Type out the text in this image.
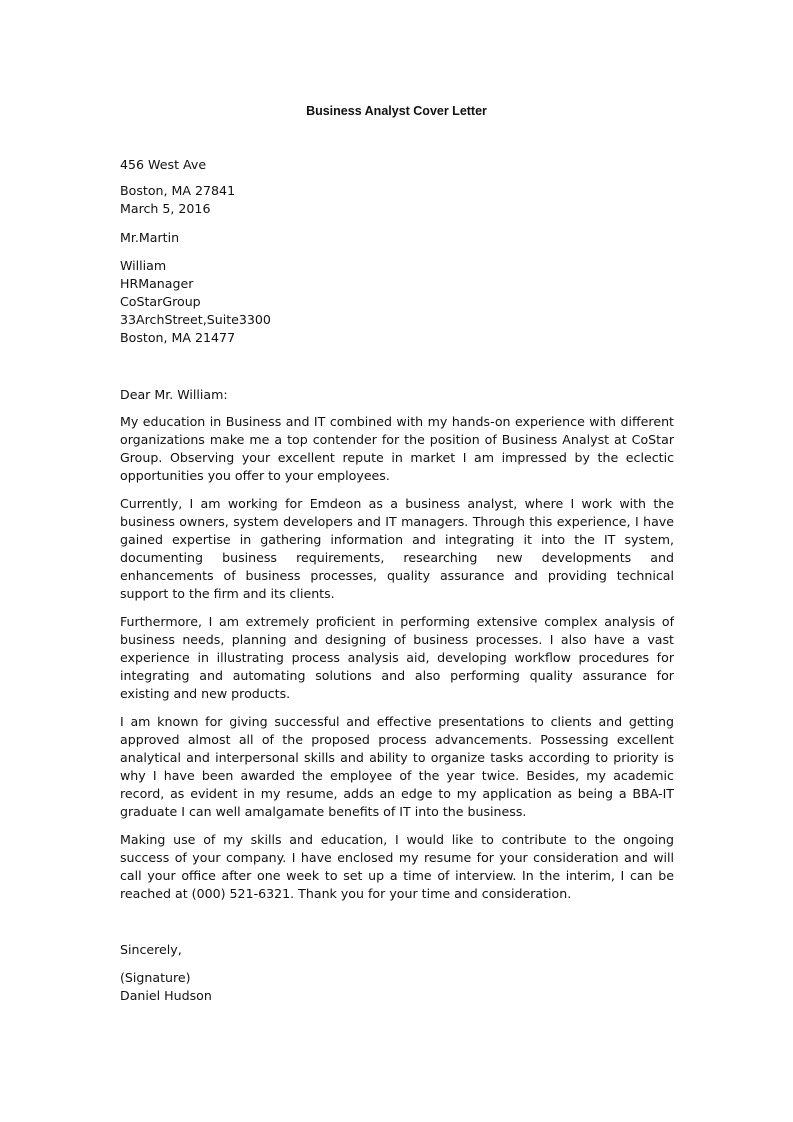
Business Analyst Cover Letter
456 West Ave
Boston, MA 27841
March 5, 2016
Mr.Martin
William
HRManager
CoStarGroup
33ArchStreet,Suite3300
Boston, MA 21477
Dear Mr. William:
My education in Business and IT combined with my hands-on experience with different organizations make me a top contender for the position of Business Analyst at CoStar Group. Observing your excellent repute in market I am impressed by the eclectic opportunities you offer to your employees.
Currently, I am working for Emdeon as a business analyst, where I work with the business owners, system developers and IT managers. Through this experience, I have gained expertise in gathering information and integrating it into the IT system, documenting business requirements, researching new developments and enhancements of business processes, quality assurance and providing technical support to the firm and its clients.
Furthermore, I am extremely proficient in performing extensive complex analysis of business needs, planning and designing of business processes. I also have a vast experience in illustrating process analysis aid, developing workflow procedures for integrating and automating solutions and also performing quality assurance for existing and new products.
I am known for giving successful and effective presentations to clients and getting approved almost all of the proposed process advancements. Possessing excellent analytical and interpersonal skills and ability to organize tasks according to priority is why I have been awarded the employee of the year twice. Besides, my academic record, as evident in my resume, adds an edge to my application as being a BBA-IT graduate I can well amalgamate benefits of IT into the business.
Making use of my skills and education, I would like to contribute to the ongoing success of your company. I have enclosed my resume for your consideration and will call your office after one week to set up a time of interview. In the interim, I can be reached at (000) 521-6321. Thank you for your time and consideration.
Sincerely,
(Signature)
Daniel Hudson
